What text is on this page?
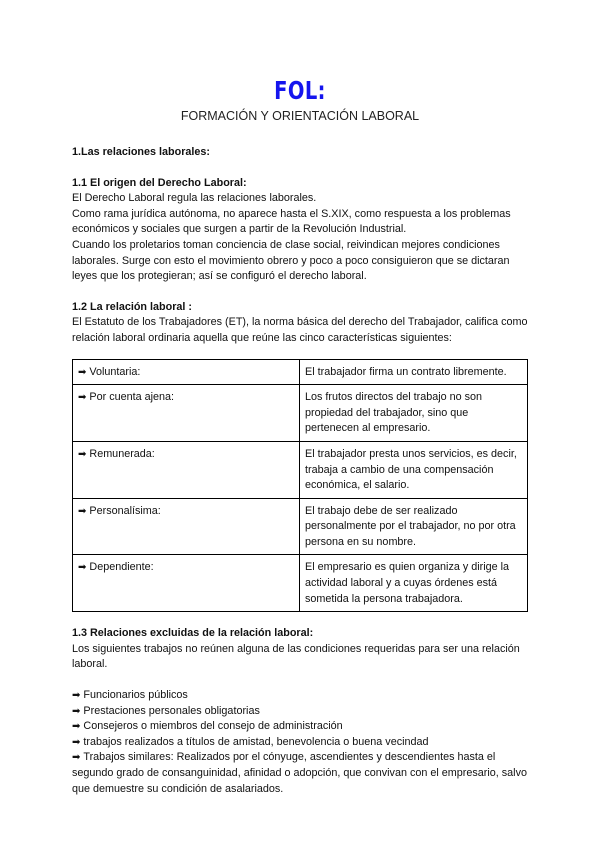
FOL:
FORMACIÓN Y ORIENTACIÓN LABORAL
1.Las relaciones laborales:
1.1 El origen del Derecho Laboral:

El Derecho Laboral regula las relaciones laborales.

Como rama jurídica autónoma, no aparece hasta el S.XIX, como respuesta a los problemas económicos y sociales que surgen a partir de la Revolución Industrial.

Cuando los proletarios toman conciencia de clase social, reivindican mejores condiciones laborales. Surge con esto el movimiento obrero y poco a poco consiguieron que se dictaran leyes que los protegieran; así se configuró el derecho laboral.

1.2 La relación laboral :

El Estatuto de los Trabajadores (ET), la norma básica del derecho del Trabajador, califica como relación laboral ordinaria aquella que reúne las cinco características siguientes:

➡ Voluntaria:	El trabajador firma un contrato libremente.
➡ Por cuenta ajena:	Los frutos directos del trabajo no son propiedad del trabajador, sino que pertenecen al empresario.
➡ Remunerada:	El trabajador presta unos servicios, es decir, trabaja a cambio de una compensación económica, el salario.
➡ Personalísima:	El trabajo debe de ser realizado personalmente por el trabajador, no por otra persona en su nombre.
➡ Dependiente:	El empresario es quien organiza y dirige la actividad laboral y a cuyas órdenes está sometida la persona trabajadora.
1.3 Relaciones excluidas de la relación laboral:

Los siguientes trabajos no reúnen alguna de las condiciones requeridas para ser una relación laboral.

➡ Funcionarios públicos
➡ Prestaciones personales obligatorias
➡ Consejeros o miembros del consejo de administración
➡ trabajos realizados a títulos de amistad, benevolencia o buena vecindad
➡ Trabajos similares: Realizados por el cónyuge, ascendientes y descendientes hasta el segundo grado de consanguinidad, afinidad o adopción, que convivan con el empresario, salvo que demuestre su condición de asalariados.
